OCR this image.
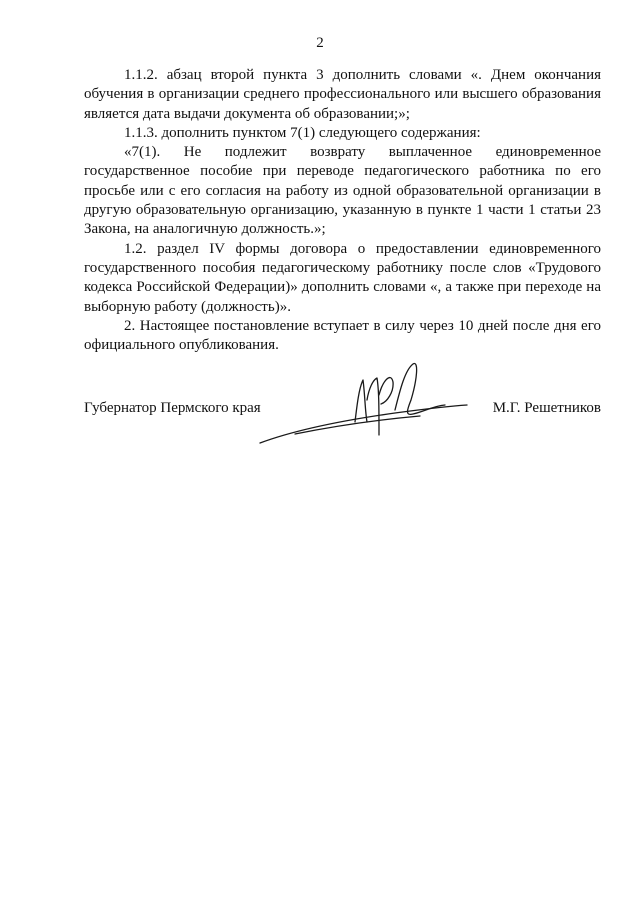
2

1.1.2. абзац второй пункта 3 дополнить словами «. Днем окончания обучения в организации среднего профессионального или высшего образования является дата выдачи документа об образовании;»;

1.1.3. дополнить пунктом 7(1) следующего содержания:

«7(1). Не подлежит возврату выплаченное единовременное государственное пособие при переводе педагогического работника по его просьбе или с его согласия на работу из одной образовательной организации в другую образовательную организацию, указанную в пункте 1 части 1 статьи 23 Закона, на аналогичную должность.»;

1.2. раздел IV формы договора о предоставлении единовременного государственного пособия педагогическому работнику после слов «Трудового кодекса Российской Федерации)» дополнить словами «, а также при переходе на выборную работу (должность)».

2. Настоящее постановление вступает в силу через 10 дней после дня его официального опубликования.

Губернатор Пермского края	М.Г. Решетников
